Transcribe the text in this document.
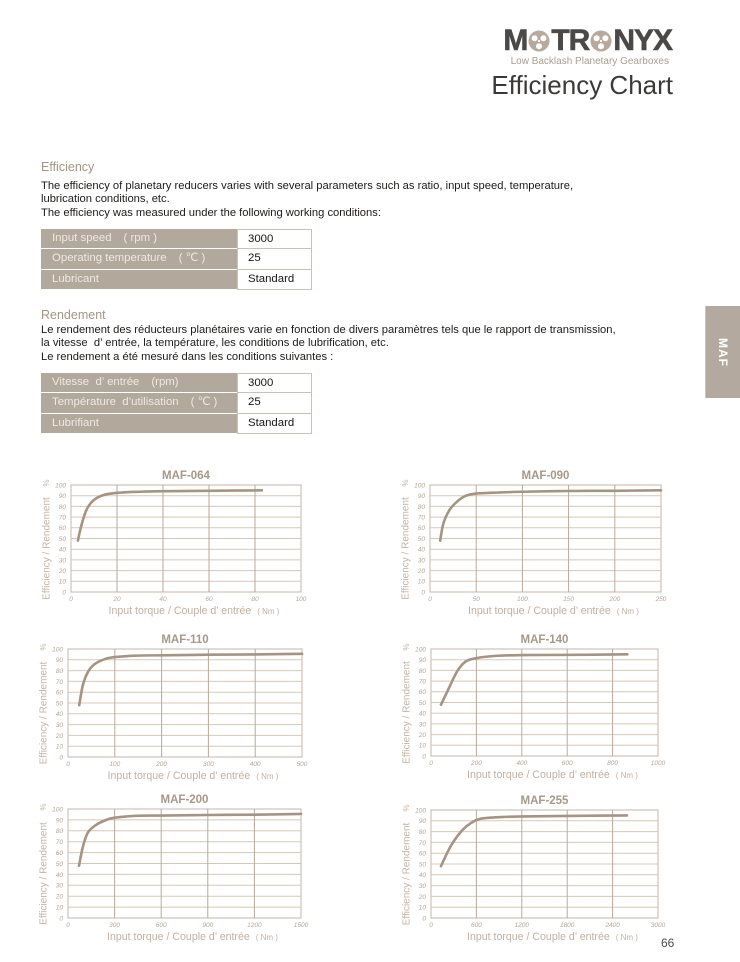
M TR NYX
Low Backlash Planetary Gearboxes
Efficiency Chart
MAF
Efficiency
The efficiency of planetary reducers varies with several parameters such as ratio, input speed, temperature,
lubrication conditions, etc.
The efficiency was measured under the following working conditions:
Input speed ( rpm )	3000
Operating temperature ( ℃ )	25
Lubricant	Standard
Rendement
Le rendement des réducteurs planétaires varie en fonction de divers paramètres tels que le rapport de transmission,
la vitesse  d’ entrée, la température, les conditions de lubrification, etc.
Le rendement a été mesuré dans les conditions suivantes :
Vitesse  d’ entrée (rpm)	3000
Température  d’utilisation ( ℃ )	25
Lubrifiant	Standard
0
10
20
30
40
50
60
70
80
90
100
0	20	40	60	80	100
MAF-064
%
Efficiency / Rendement
Input torque / Couple d’ entrée ( Nm )
0
10
20
30
40
50
60
70
80
90
100
0	50	100	150	200	250
MAF-090
%
Efficiency / Rendement
Input torque / Couple d’ entrée ( Nm )
0
10
20
30
40
50
60
70
80
90
100
0	100	200	300	400	500
MAF-110
%
Efficiency / Rendement
Input torque / Couple d’ entrée ( Nm )
0
10
20
30
40
50
60
70
80
90
100
0	200	400	600	800	1000
MAF-140
%
Efficiency / Rendement
Input torque / Couple d’ entrée ( Nm )
0
10
20
30
40
50
60
70
80
90
100
0	300	600	900	1200	1500
MAF-200
%
Efficiency / Rendement
Input torque / Couple d’ entrée ( Nm )
0
10
20
30
40
50
60
70
80
90
100
0	600	1200	1800	2400	3000
MAF-255
%
Efficiency / Rendement
Input torque / Couple d’ entrée ( Nm ) 66
